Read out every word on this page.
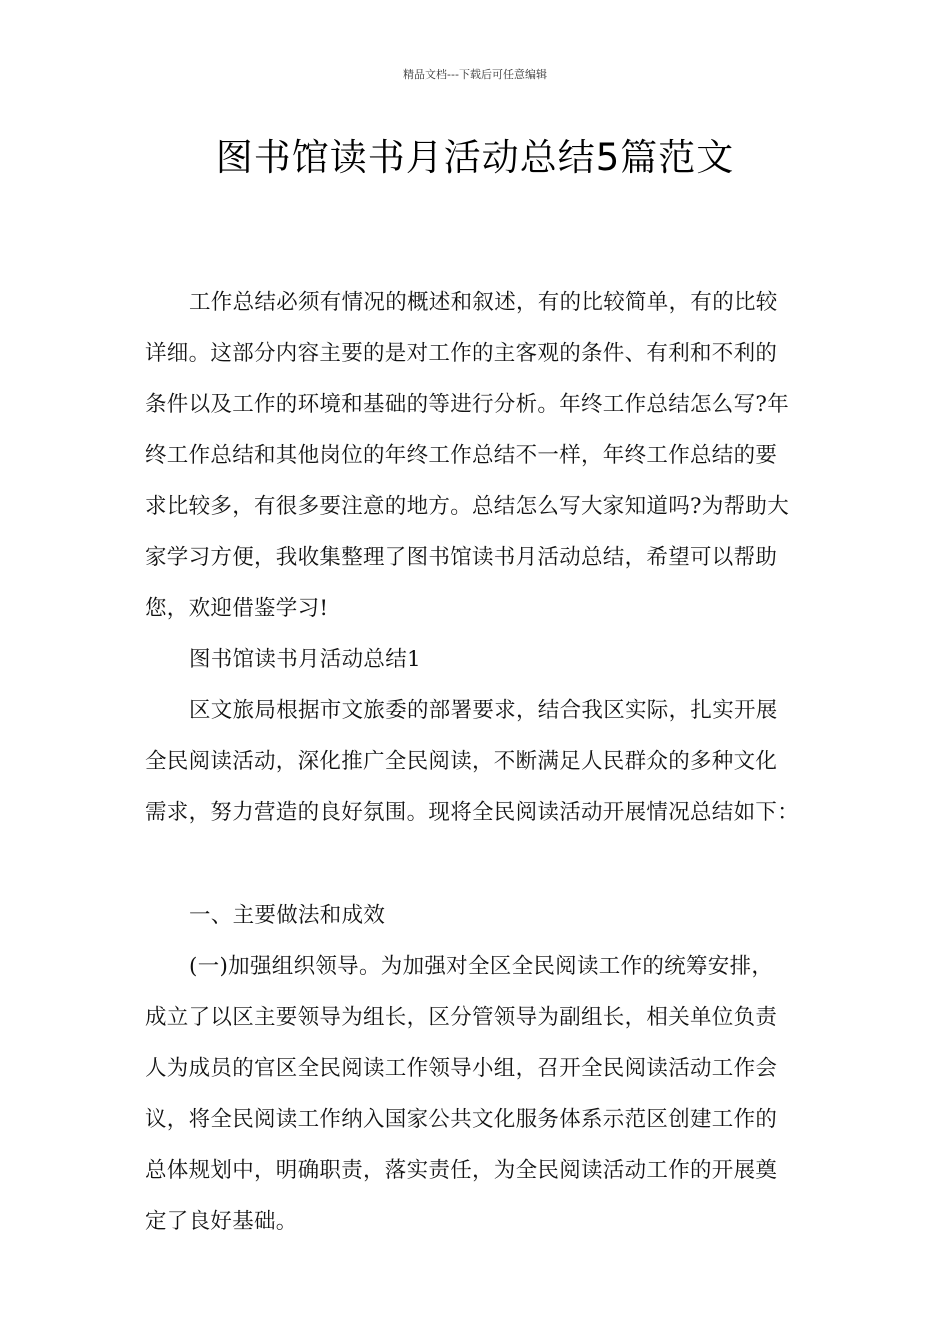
精品文档---下载后可任意编辑
图书馆读书月活动总结5篇范文
工作总结必须有情况的概述和叙述，有的比较简单，有的比较
详细。这部分内容主要的是对工作的主客观的条件、有利和不利的
条件以及工作的环境和基础的等进行分析。年终工作总结怎么写?年
终工作总结和其他岗位的年终工作总结不一样，年终工作总结的要
求比较多，有很多要注意的地方。总结怎么写大家知道吗?为帮助大
家学习方便，我收集整理了图书馆读书月活动总结，希望可以帮助
您，欢迎借鉴学习!
图书馆读书月活动总结1
区文旅局根据市文旅委的部署要求，结合我区实际，扎实开展
全民阅读活动，深化推广全民阅读，不断满足人民群众的多种文化
需求，努力营造的良好氛围。现将全民阅读活动开展情况总结如下：
一、主要做法和成效
(一)加强组织领导。为加强对全区全民阅读工作的统筹安排，
成立了以区主要领导为组长，区分管领导为副组长，相关单位负责
人为成员的官区全民阅读工作领导小组，召开全民阅读活动工作会
议，将全民阅读工作纳入国家公共文化服务体系示范区创建工作的
总体规划中，明确职责，落实责任，为全民阅读活动工作的开展奠
定了良好基础。
